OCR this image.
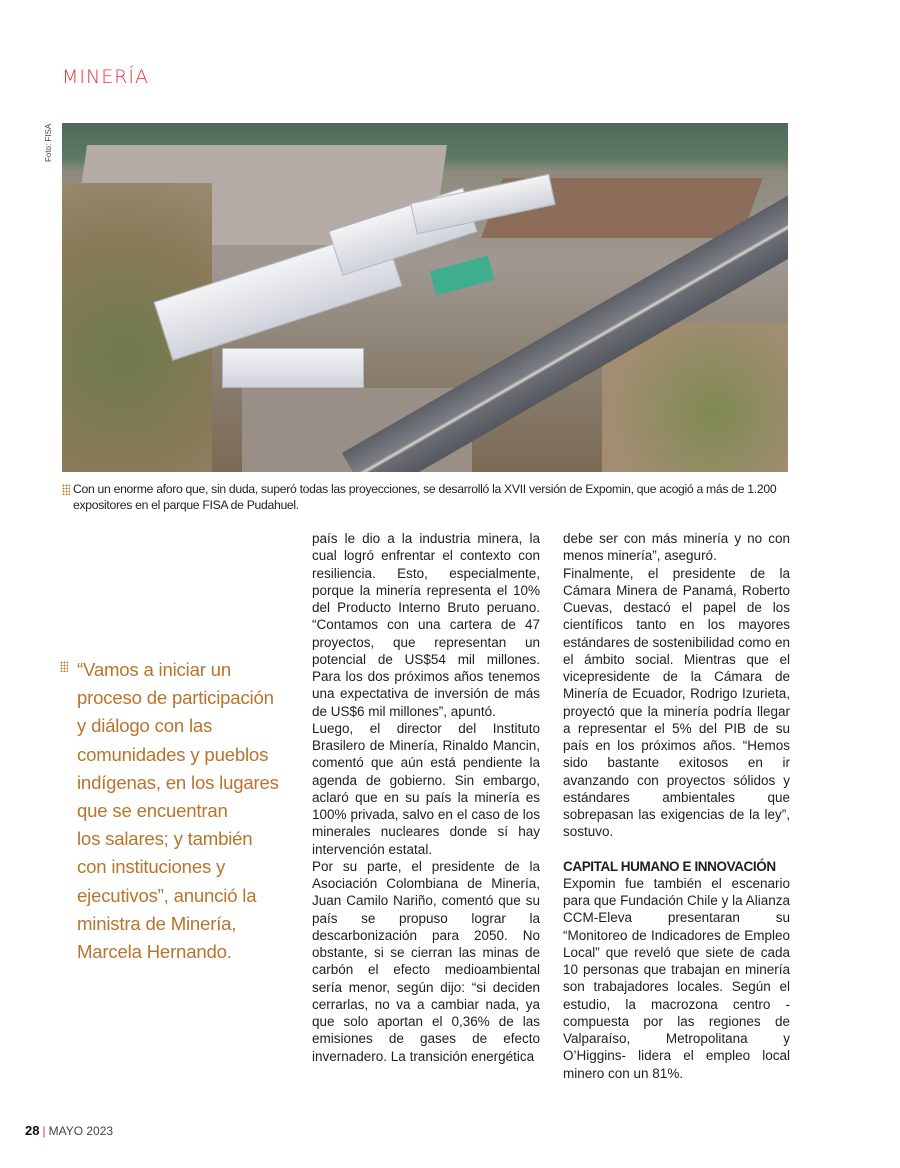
MINERÍA
Foto: FISA

Con un enorme aforo que, sin duda, superó todas las proyecciones, se desarrolló la XVII versión de Expomin, que acogió a más de 1.200 expositores en el parque FISA de Pudahuel.

“Vamos a iniciar un
proceso de participación
y diálogo con las
comunidades y pueblos
indígenas, en los lugares
que se encuentran
los salares; y también
con instituciones y
ejecutivos”, anunció la
ministra de Minería,
Marcela Hernando.

país le dio a la industria minera, la cual logró enfrentar el contexto con resiliencia. Esto, especialmente, porque la minería representa el 10% del Producto Interno Bruto peruano. “Contamos con una cartera de 47 proyectos, que representan un potencial de US$54 mil millones. Para los dos próximos años tenemos una expectativa de inversión de más de US$6 mil millones”, apuntó.

Luego, el director del Instituto Brasilero de Minería, Rinaldo Mancin, comentó que aún está pendiente la agenda de gobierno. Sin embargo, aclaró que en su país la minería es 100% privada, salvo en el caso de los minerales nucleares donde sí hay intervención estatal.

Por su parte, el presidente de la Asociación Colombiana de Minería, Juan Camilo Nariño, comentó que su país se propuso lograr la descarbonización para 2050. No obstante, si se cierran las minas de carbón el efecto medioambiental sería menor, según dijo: “si deciden cerrarlas, no va a cambiar nada, ya que solo aportan el 0,36% de las emisiones de gases de efecto invernadero. La transición energética

debe ser con más minería y no con menos minería”, aseguró.

Finalmente, el presidente de la Cámara Minera de Panamá, Roberto Cuevas, destacó el papel de los científicos tanto en los mayores estándares de sostenibilidad como en el ámbito social. Mientras que el vicepresidente de la Cámara de Minería de Ecuador, Rodrigo Izurieta, proyectó que la minería podría llegar a representar el 5% del PIB de su país en los próximos años. “Hemos sido bastante exitosos en ir avanzando con proyectos sólidos y estándares ambientales que sobrepasan las exigencias de la ley”, sostuvo.

CAPITAL HUMANO E INNOVACIÓN

Expomin fue también el escenario para que Fundación Chile y la Alianza CCM-Eleva presentaran su “Monitoreo de Indicadores de Empleo Local” que reveló que siete de cada 10 personas que trabajan en minería son trabajadores locales. Según el estudio, la macrozona centro -compuesta por las regiones de Valparaíso, Metropolitana y O’Higgins- lidera el empleo local minero con un 81%.

28 | MAYO 2023
